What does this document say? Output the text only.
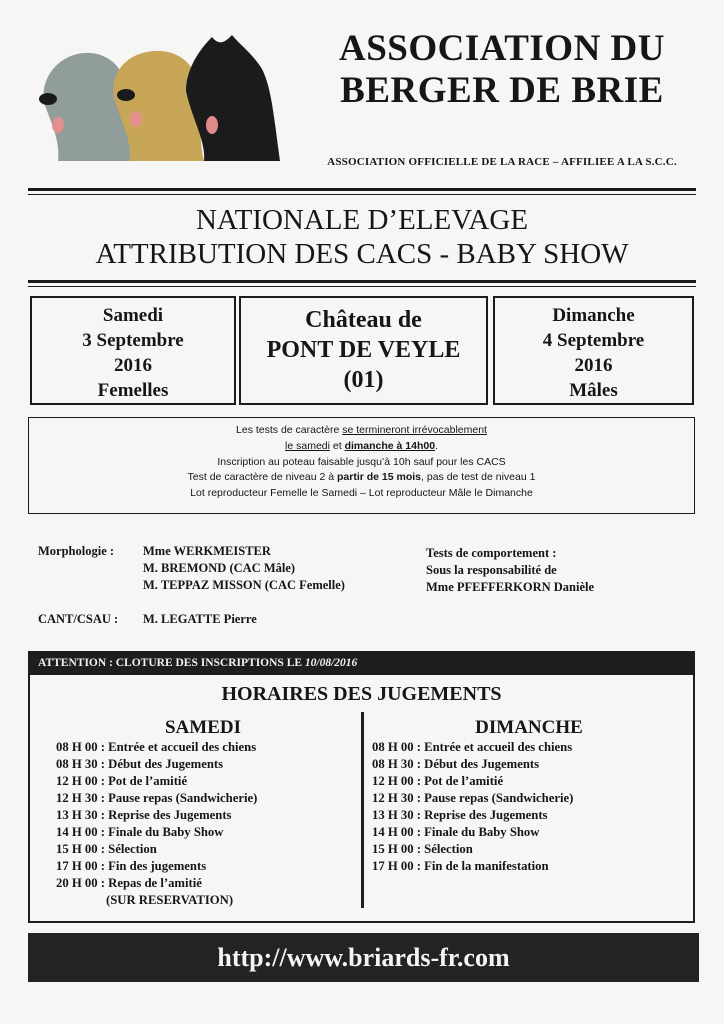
ASSOCIATION DU
BERGER DE BRIE
ASSOCIATION OFFICIELLE DE LA RACE – AFFILIEE A LA S.C.C.
NATIONALE D’ELEVAGE
ATTRIBUTION DES CACS - BABY SHOW
Samedi
3 Septembre
2016
Femelles
Château de
PONT DE VEYLE
(01)
Dimanche
4 Septembre
2016
Mâles
Les tests de caractère se termineront irrévocablement
le samedi et dimanche à 14h00.
Inscription au poteau faisable jusqu’à 10h sauf pour les CACS
Test de caractère de niveau 2 à partir de 15 mois, pas de test de niveau 1
Lot reproducteur Femelle le Samedi – Lot reproducteur Mâle le Dimanche
Morphologie : Mme WERKMEISTER
M. BREMOND (CAC Mâle)
M. TEPPAZ MISSON (CAC Femelle)
Tests de comportement :
Sous la responsabilité de
Mme PFEFFERKORN Danièle
CANT/CSAU : M. LEGATTE Pierre
ATTENTION : CLOTURE DES INSCRIPTIONS LE 10/08/2016
HORAIRES DES JUGEMENTS
SAMEDI
08 H 00 : Entrée et accueil des chiens
08 H 30 : Début des Jugements
12 H 00 : Pot de l’amitié
12 H 30 : Pause repas (Sandwicherie)
13 H 30 : Reprise des Jugements
14 H 00 : Finale du Baby Show
15 H 00 : Sélection
17 H 00 : Fin des jugements
20 H 00 : Repas de l’amitié
(SUR RESERVATION)
DIMANCHE
08 H 00 : Entrée et accueil des chiens
08 H 30 : Début des Jugements
12 H 00 : Pot de l’amitié
12 H 30 : Pause repas (Sandwicherie)
13 H 30 : Reprise des Jugements
14 H 00 : Finale du Baby Show
15 H 00 : Sélection
17 H 00 : Fin de la manifestation
http://www.briards-fr.com
